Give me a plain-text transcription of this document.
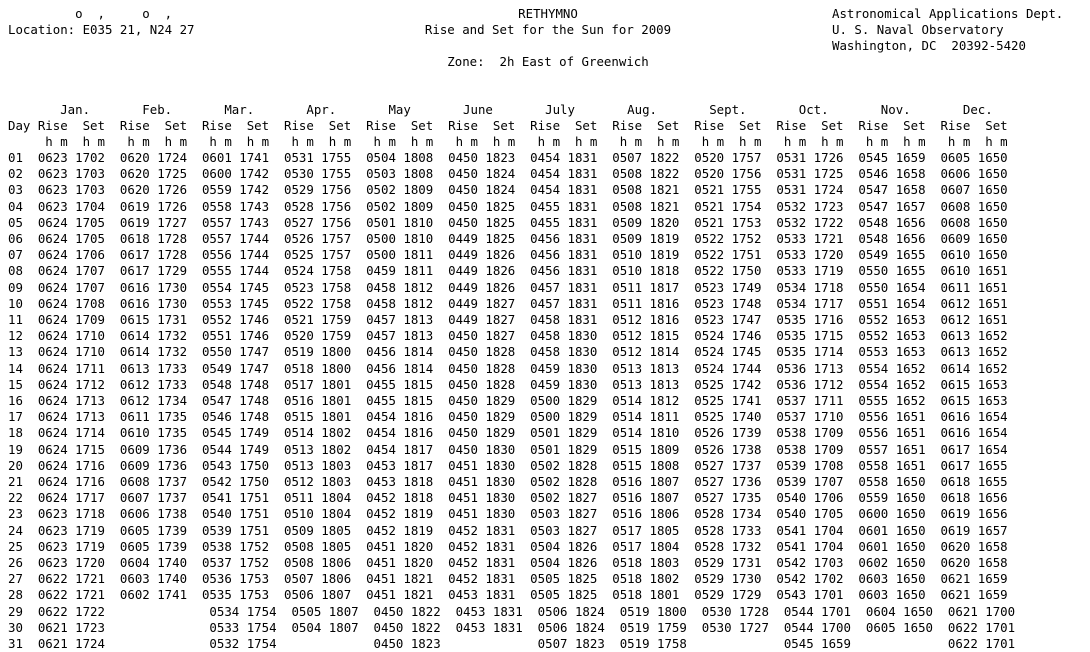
o  ,     o  ,
Location: E035 21, N24 27
RETHYMNO
Rise and Set for the Sun for 2009
Zone:  2h East of Greenwich
Astronomical Applications Dept.
U. S. Naval Observatory
Washington, DC  20392-5420
Jan.       Feb.       Mar.       Apr.       May       June       July       Aug.       Sept.       Oct.       Nov.       Dec.
Day Rise  Set  Rise  Set  Rise  Set  Rise  Set  Rise  Set  Rise  Set  Rise  Set  Rise  Set  Rise  Set  Rise  Set  Rise  Set  Rise  Set
h m  h m   h m  h m   h m  h m   h m  h m   h m  h m   h m  h m   h m  h m   h m  h m   h m  h m   h m  h m   h m  h m   h m  h m
01  0623 1702  0620 1724  0601 1741  0531 1755  0504 1808  0450 1823  0454 1831  0507 1822  0520 1757  0531 1726  0545 1659  0605 1650
02  0623 1703  0620 1725  0600 1742  0530 1755  0503 1808  0450 1824  0454 1831  0508 1822  0520 1756  0531 1725  0546 1658  0606 1650
03  0623 1703  0620 1726  0559 1742  0529 1756  0502 1809  0450 1824  0454 1831  0508 1821  0521 1755  0531 1724  0547 1658  0607 1650
04  0623 1704  0619 1726  0558 1743  0528 1756  0502 1809  0450 1825  0455 1831  0508 1821  0521 1754  0532 1723  0547 1657  0608 1650
05  0624 1705  0619 1727  0557 1743  0527 1756  0501 1810  0450 1825  0455 1831  0509 1820  0521 1753  0532 1722  0548 1656  0608 1650
06  0624 1705  0618 1728  0557 1744  0526 1757  0500 1810  0449 1825  0456 1831  0509 1819  0522 1752  0533 1721  0548 1656  0609 1650
07  0624 1706  0617 1728  0556 1744  0525 1757  0500 1811  0449 1826  0456 1831  0510 1819  0522 1751  0533 1720  0549 1655  0610 1650
08  0624 1707  0617 1729  0555 1744  0524 1758  0459 1811  0449 1826  0456 1831  0510 1818  0522 1750  0533 1719  0550 1655  0610 1651
09  0624 1707  0616 1730  0554 1745  0523 1758  0458 1812  0449 1826  0457 1831  0511 1817  0523 1749  0534 1718  0550 1654  0611 1651
10  0624 1708  0616 1730  0553 1745  0522 1758  0458 1812  0449 1827  0457 1831  0511 1816  0523 1748  0534 1717  0551 1654  0612 1651
11  0624 1709  0615 1731  0552 1746  0521 1759  0457 1813  0449 1827  0458 1831  0512 1816  0523 1747  0535 1716  0552 1653  0612 1651
12  0624 1710  0614 1732  0551 1746  0520 1759  0457 1813  0450 1827  0458 1830  0512 1815  0524 1746  0535 1715  0552 1653  0613 1652
13  0624 1710  0614 1732  0550 1747  0519 1800  0456 1814  0450 1828  0458 1830  0512 1814  0524 1745  0535 1714  0553 1653  0613 1652
14  0624 1711  0613 1733  0549 1747  0518 1800  0456 1814  0450 1828  0459 1830  0513 1813  0524 1744  0536 1713  0554 1652  0614 1652
15  0624 1712  0612 1733  0548 1748  0517 1801  0455 1815  0450 1828  0459 1830  0513 1813  0525 1742  0536 1712  0554 1652  0615 1653
16  0624 1713  0612 1734  0547 1748  0516 1801  0455 1815  0450 1829  0500 1829  0514 1812  0525 1741  0537 1711  0555 1652  0615 1653
17  0624 1713  0611 1735  0546 1748  0515 1801  0454 1816  0450 1829  0500 1829  0514 1811  0525 1740  0537 1710  0556 1651  0616 1654
18  0624 1714  0610 1735  0545 1749  0514 1802  0454 1816  0450 1829  0501 1829  0514 1810  0526 1739  0538 1709  0556 1651  0616 1654
19  0624 1715  0609 1736  0544 1749  0513 1802  0454 1817  0450 1830  0501 1829  0515 1809  0526 1738  0538 1709  0557 1651  0617 1654
20  0624 1716  0609 1736  0543 1750  0513 1803  0453 1817  0451 1830  0502 1828  0515 1808  0527 1737  0539 1708  0558 1651  0617 1655
21  0624 1716  0608 1737  0542 1750  0512 1803  0453 1818  0451 1830  0502 1828  0516 1807  0527 1736  0539 1707  0558 1650  0618 1655
22  0624 1717  0607 1737  0541 1751  0511 1804  0452 1818  0451 1830  0502 1827  0516 1807  0527 1735  0540 1706  0559 1650  0618 1656
23  0623 1718  0606 1738  0540 1751  0510 1804  0452 1819  0451 1830  0503 1827  0516 1806  0528 1734  0540 1705  0600 1650  0619 1656
24  0623 1719  0605 1739  0539 1751  0509 1805  0452 1819  0452 1831  0503 1827  0517 1805  0528 1733  0541 1704  0601 1650  0619 1657
25  0623 1719  0605 1739  0538 1752  0508 1805  0451 1820  0452 1831  0504 1826  0517 1804  0528 1732  0541 1704  0601 1650  0620 1658
26  0623 1720  0604 1740  0537 1752  0508 1806  0451 1820  0452 1831  0504 1826  0518 1803  0529 1731  0542 1703  0602 1650  0620 1658
27  0622 1721  0603 1740  0536 1753  0507 1806  0451 1821  0452 1831  0505 1825  0518 1802  0529 1730  0542 1702  0603 1650  0621 1659
28  0622 1721  0602 1741  0535 1753  0506 1807  0451 1821  0453 1831  0505 1825  0518 1801  0529 1729  0543 1701  0603 1650  0621 1659
29  0622 1722              0534 1754  0505 1807  0450 1822  0453 1831  0506 1824  0519 1800  0530 1728  0544 1701  0604 1650  0621 1700
30  0621 1723              0533 1754  0504 1807  0450 1822  0453 1831  0506 1824  0519 1759  0530 1727  0544 1700  0605 1650  0622 1701
31  0621 1724              0532 1754             0450 1823             0507 1823  0519 1758             0545 1659             0622 1701
